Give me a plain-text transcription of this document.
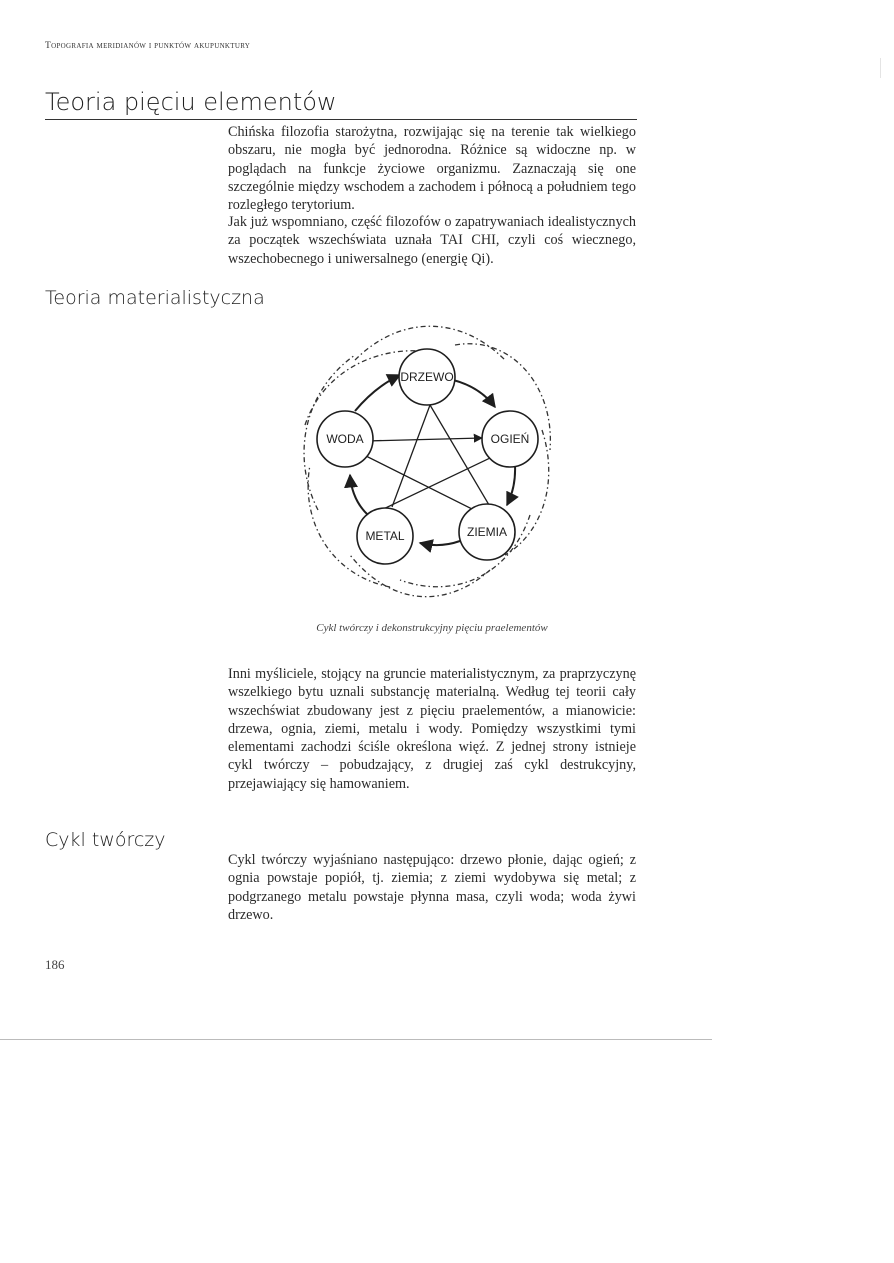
Topografia meridianów i punktów akupunktury
Teoria pięciu elementów

Chińska filozofia starożytna, rozwijając się na terenie tak wielkiego obszaru, nie mogła być jednorodna. Różnice są widoczne np. w poglądach na funkcje życiowe organizmu. Zaznaczają się one szczególnie między wschodem a zachodem i północą a południem tego rozległego terytorium.

Jak już wspomniano, część filozofów o zapatrywaniach idealistycznych za początek wszechświata uznała TAI CHI, czyli coś wiecznego, wszechobecnego i uniwersalnego (energię Qi).

Teoria materialistyczna
DRZEWO
OGIEŃ
ZIEMIA
METAL
WODA

Cykl twórczy i dekonstrukcyjny pięciu praelementów

Inni myśliciele, stojący na gruncie materialistycznym, za praprzyczynę wszelkiego bytu uznali substancję materialną. Według tej teorii cały wszechświat zbudowany jest z pięciu praelementów, a mianowicie: drzewa, ognia, ziemi, metalu i wody. Pomiędzy wszystkimi tymi elementami zachodzi ściśle określona więź. Z jednej strony istnieje cykl twórczy – pobudzający, z drugiej zaś cykl destrukcyjny, przejawiający się hamowaniem.

Cykl twórczy

Cykl twórczy wyjaśniano następująco: drzewo płonie, dając ogień; z ognia powstaje popiół, tj. ziemia; z ziemi wydobywa się metal; z podgrzanego metalu powstaje płynna masa, czyli woda; woda żywi drzewo.

186
